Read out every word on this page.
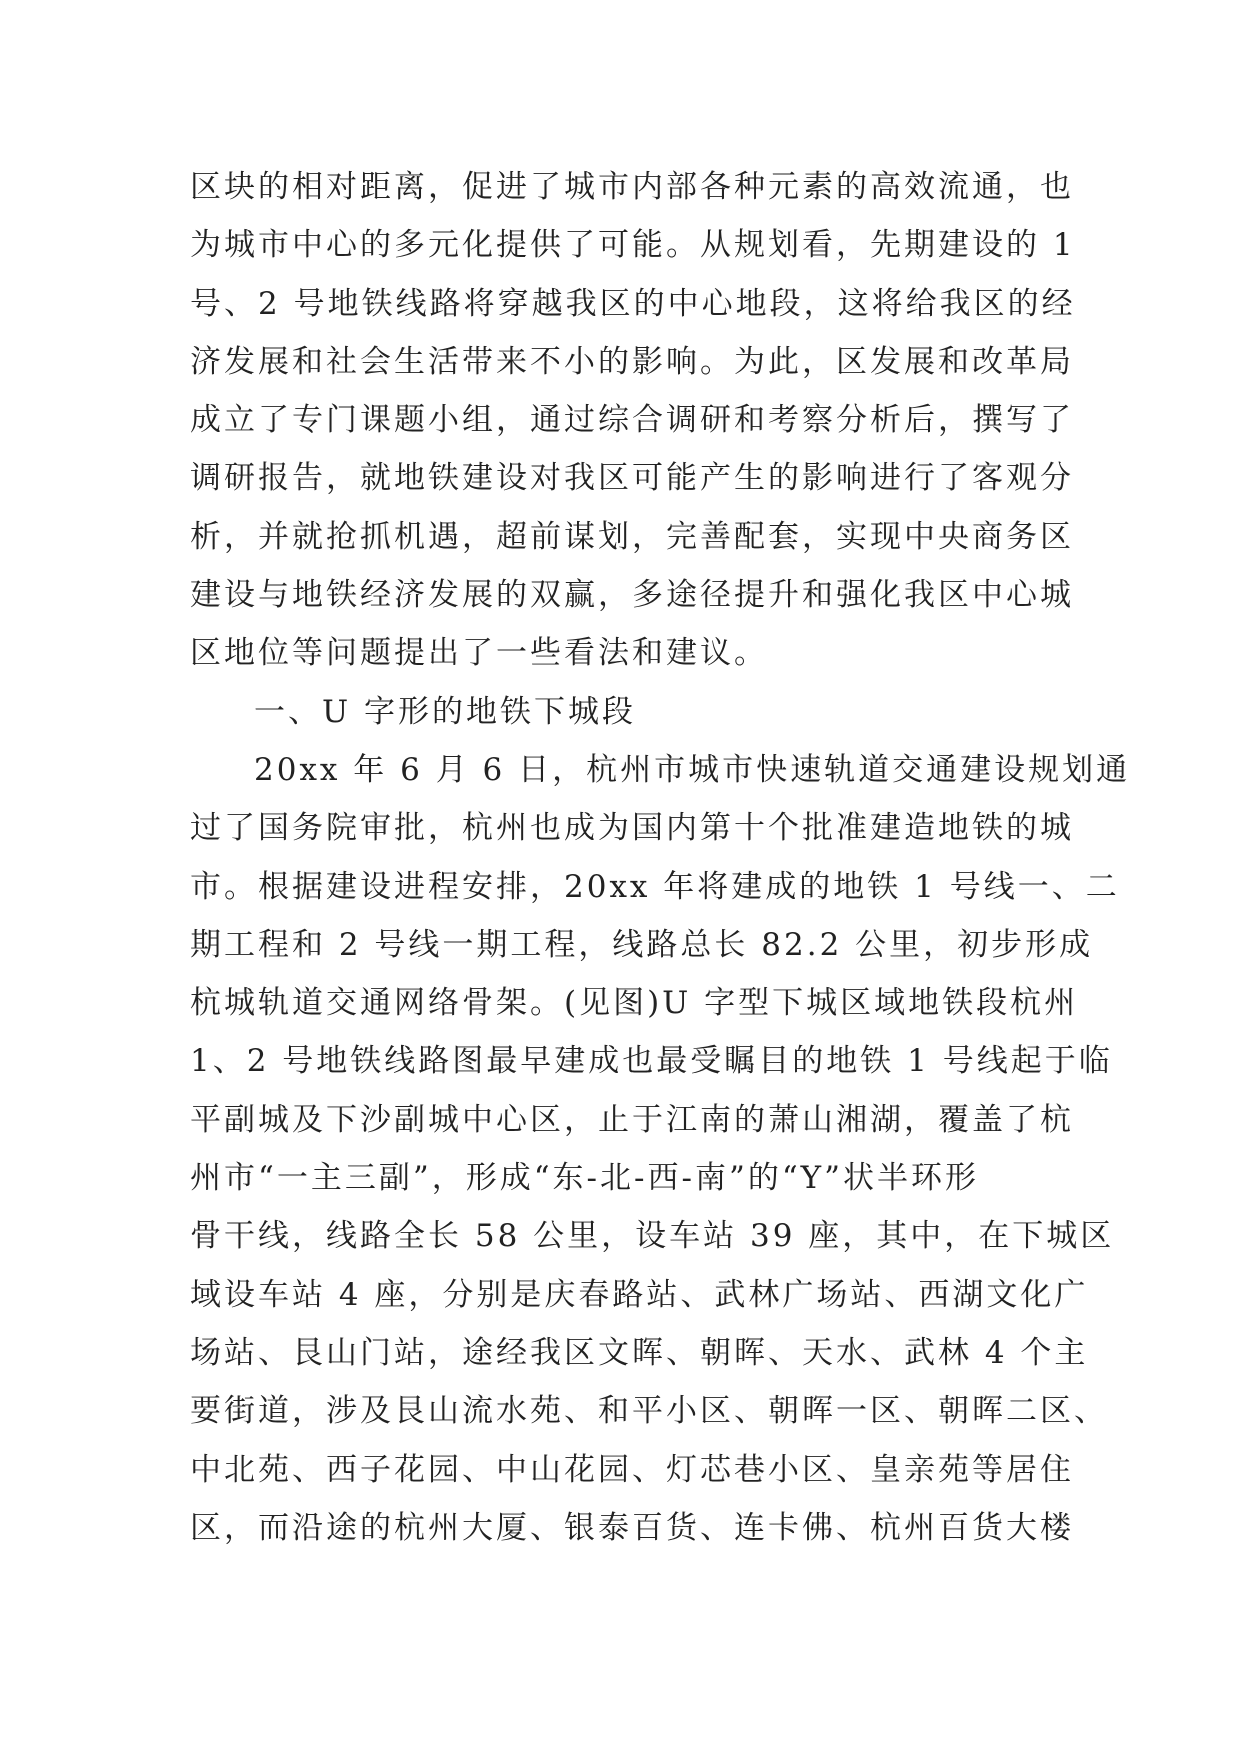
区块的相对距离，促进了城市内部各种元素的高效流通，也
为城市中心的多元化提供了可能。从规划看，先期建设的 1
号、2 号地铁线路将穿越我区的中心地段，这将给我区的经
济发展和社会生活带来不小的影响。为此，区发展和改革局
成立了专门课题小组，通过综合调研和考察分析后，撰写了
调研报告，就地铁建设对我区可能产生的影响进行了客观分
析，并就抢抓机遇，超前谋划，完善配套，实现中央商务区
建设与地铁经济发展的双赢，多途径提升和强化我区中心城
区地位等问题提出了一些看法和建议。
一、U 字形的地铁下城段
20xx 年 6 月 6 日，杭州市城市快速轨道交通建设规划通
过了国务院审批，杭州也成为国内第十个批准建造地铁的城
市。根据建设进程安排，20xx 年将建成的地铁 1 号线一、二
期工程和 2 号线一期工程，线路总长 82.2 公里，初步形成
杭城轨道交通网络骨架。(见图)U 字型下城区域地铁段杭州
1、2 号地铁线路图最早建成也最受瞩目的地铁 1 号线起于临
平副城及下沙副城中心区，止于江南的萧山湘湖，覆盖了杭
州市“一主三副”，形成“东-北-西-南”的“Y”状半环形
骨干线，线路全长 58 公里，设车站 39 座，其中，在下城区
域设车站 4 座，分别是庆春路站、武林广场站、西湖文化广
场站、艮山门站，途经我区文晖、朝晖、天水、武林 4 个主
要街道，涉及艮山流水苑、和平小区、朝晖一区、朝晖二区、
中北苑、西子花园、中山花园、灯芯巷小区、皇亲苑等居住
区，而沿途的杭州大厦、银泰百货、连卡佛、杭州百货大楼
